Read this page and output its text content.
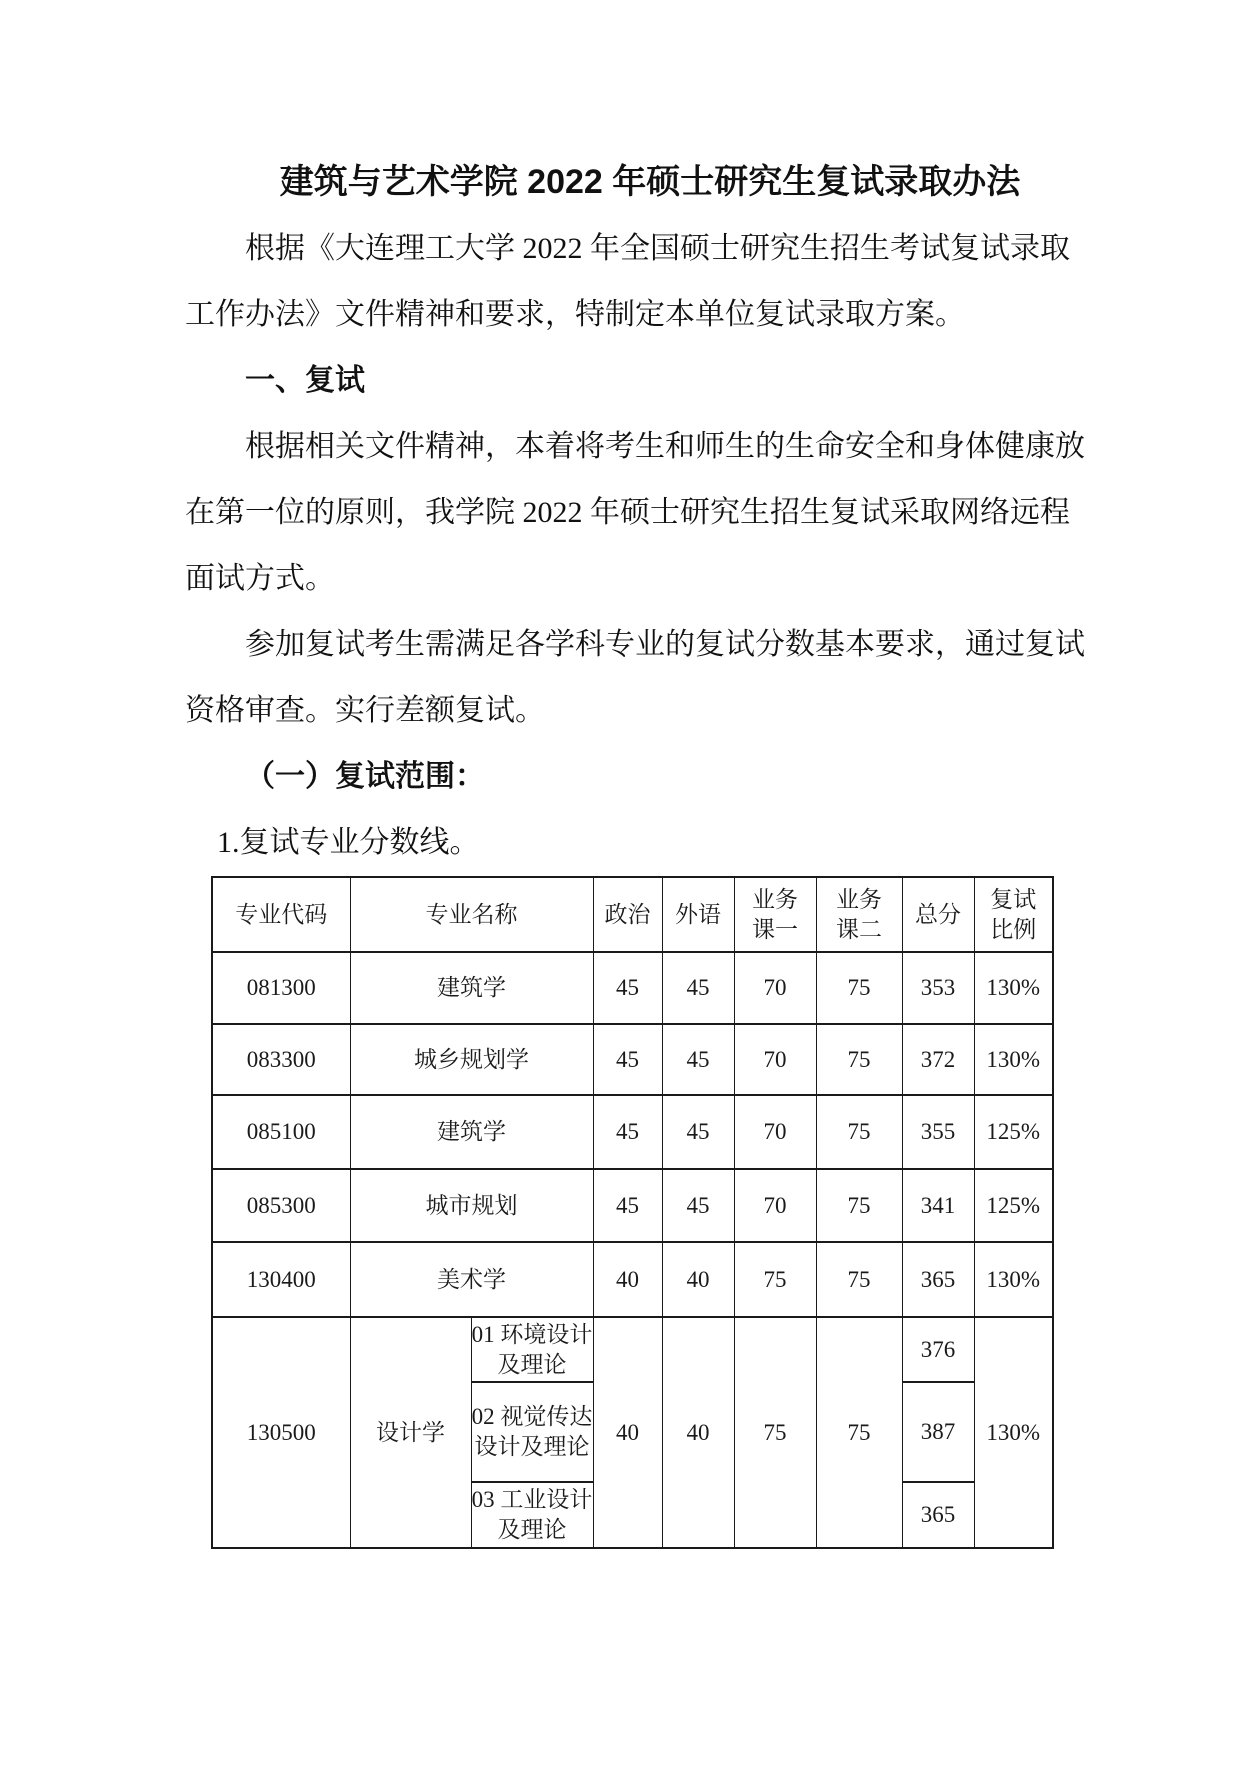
建筑与艺术学院 2022 年硕士研究生复试录取办法
根据《大连理工大学 2022 年全国硕士研究生招生考试复试录取
工作办法》文件精神和要求，特制定本单位复试录取方案。
一、复试
根据相关文件精神，本着将考生和师生的生命安全和身体健康放
在第一位的原则，我学院 2022 年硕士研究生招生复试采取网络远程
面试方式。
参加复试考生需满足各学科专业的复试分数基本要求，通过复试
资格审查。实行差额复试。
（一）复试范围：
1.复试专业分数线。
专业代码	专业名称		政治	外语	业务课一	业务课二	总分	复试比例
081300	建筑学		45	45	70	75	353	130%
083300	城乡规划学		45	45	70	75	372	130%
085100	建筑学		45	45	70	75	355	125%
085300	城市规划		45	45	70	75	341	125%
130400	美术学		40	40	75	75	365	130%
130500	设计学	01 环境设计及理论	40	40	75	75	376	130%
		02 视觉传达设计及理论					387	
		03 工业设计及理论					365	
